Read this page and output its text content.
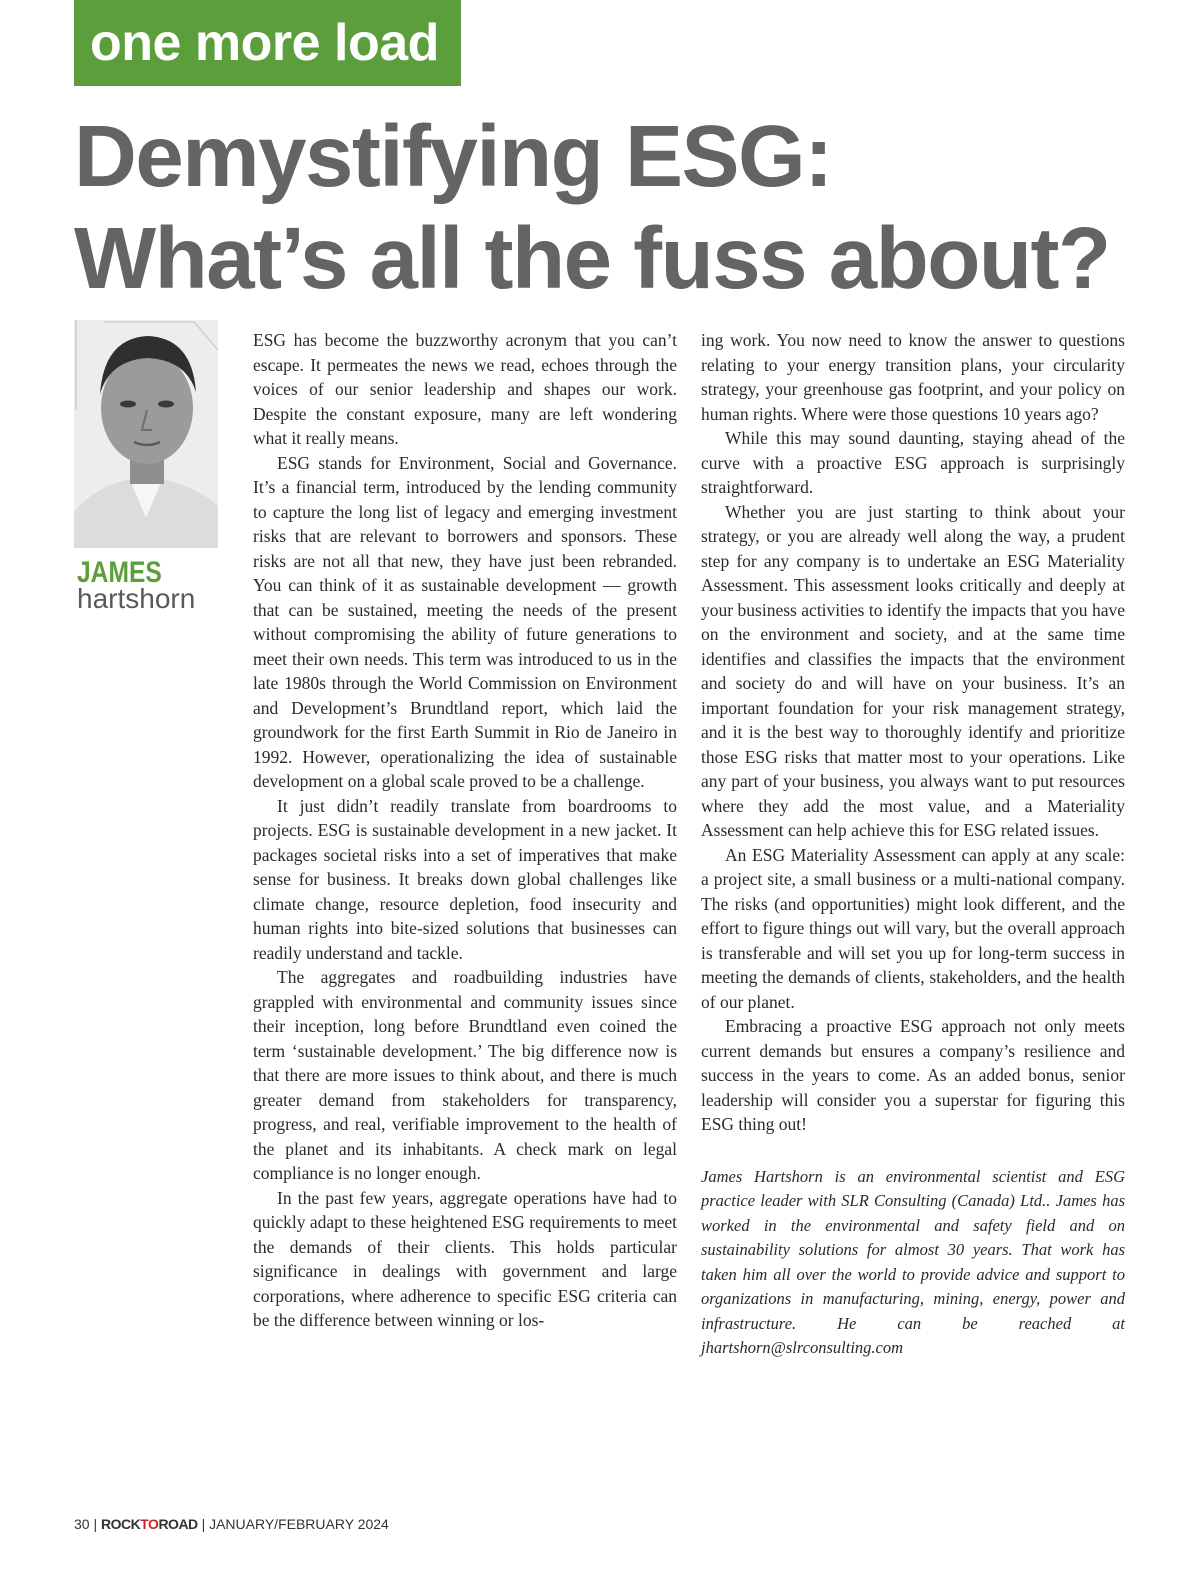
one more load
Demystifying ESG:
What’s all the fuss about?
JAMES
hartshorn

ESG has become the buzzworthy acronym that you can’t escape. It permeates the news we read, echoes through the voices of our senior leadership and shapes our work. Despite the constant exposure, many are left wondering what it really means.

ESG stands for Environment, Social and Governance. It’s a financial term, introduced by the lending community to capture the long list of legacy and emerging investment risks that are relevant to borrowers and sponsors. These risks are not all that new, they have just been rebranded. You can think of it as sustainable development — growth that can be sustained, meeting the needs of the present without compromising the ability of future generations to meet their own needs. This term was introduced to us in the late 1980s through the World Commission on Environment and Development’s Brundtland report, which laid the groundwork for the first Earth Summit in Rio de Janeiro in 1992. However, operationalizing the idea of sustainable development on a global scale proved to be a challenge.

It just didn’t readily translate from boardrooms to projects. ESG is sustainable development in a new jacket. It packages societal risks into a set of imperatives that make sense for business. It breaks down global challenges like climate change, resource depletion, food insecurity and human rights into bite-sized solutions that businesses can readily understand and tackle.

The aggregates and roadbuilding industries have grappled with environmental and community issues since their inception, long before Brundtland even coined the term ‘sustainable development.’ The big difference now is that there are more issues to think about, and there is much greater demand from stakeholders for transparency, progress, and real, verifiable improvement to the health of the planet and its inhabitants. A check mark on legal compliance is no longer enough.

In the past few years, aggregate operations have had to quickly adapt to these heightened ESG requirements to meet the demands of their clients. This holds particular significance in dealings with government and large corporations, where adherence to specific ESG criteria can be the difference between winning or los-

ing work. You now need to know the answer to questions relating to your energy transition plans, your circularity strategy, your greenhouse gas footprint, and your policy on human rights. Where were those questions 10 years ago?

While this may sound daunting, staying ahead of the curve with a proactive ESG approach is surprisingly straightforward.

Whether you are just starting to think about your strategy, or you are already well along the way, a prudent step for any company is to undertake an ESG Materiality Assessment. This assessment looks critically and deeply at your business activities to identify the impacts that you have on the environment and society, and at the same time identifies and classifies the impacts that the environment and society do and will have on your business. It’s an important foundation for your risk management strategy, and it is the best way to thoroughly identify and prioritize those ESG risks that matter most to your operations. Like any part of your business, you always want to put resources where they add the most value, and a Materiality Assessment can help achieve this for ESG related issues.

An ESG Materiality Assessment can apply at any scale: a project site, a small business or a multi-national company. The risks (and opportunities) might look different, and the effort to figure things out will vary, but the overall approach is transferable and will set you up for long-term success in meeting the demands of clients, stakeholders, and the health of our planet.

Embracing a proactive ESG approach not only meets current demands but ensures a company’s resilience and success in the years to come. As an added bonus, senior leadership will consider you a superstar for figuring this ESG thing out!

James Hartshorn is an environmental scientist and ESG practice leader with SLR Consulting (Canada) Ltd.. James has worked in the environmental and safety field and on sustainability solutions for almost 30 years. That work has taken him all over the world to provide advice and support to organizations in manufacturing, mining, energy, power and infrastructure. He can be reached at jhartshorn@slrconsulting.com

30 | ROCKTOROAD | JANUARY/FEBRUARY 2024
